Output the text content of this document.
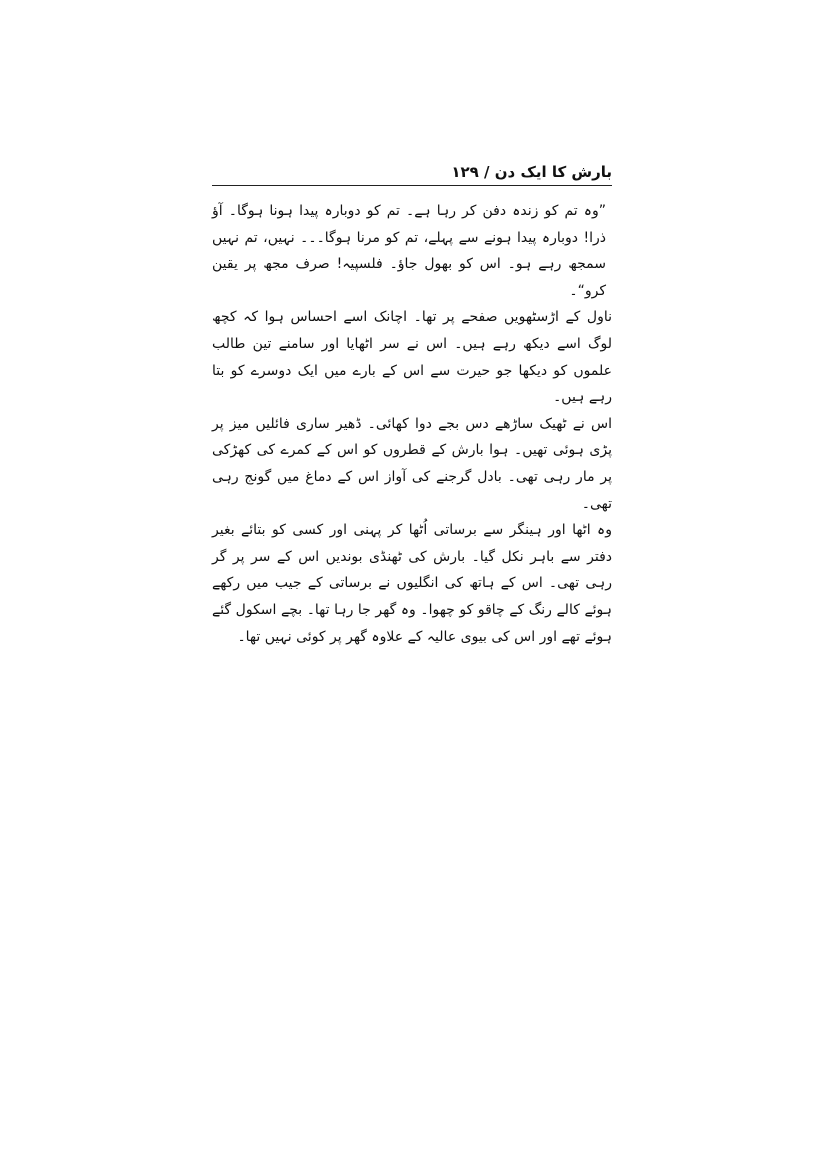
بارش کا ایک دن / ۱۲۹

”وہ تم کو زندہ دفن کر رہا ہے۔ تم کو دوبارہ پیدا ہونا ہوگا۔ آؤ ذرا! دوبارہ پیدا ہونے سے پہلے، تم کو مرنا ہوگا۔۔۔ نہیں، تم نہیں سمجھ رہے ہو۔ اس کو بھول جاؤ۔ فلسپیہ! صرف مجھ پر یقین کرو“۔

ناول کے اڑسٹھویں صفحے پر تھا۔ اچانک اسے احساس ہوا کہ کچھ لوگ اسے دیکھ رہے ہیں۔ اس نے سر اٹھایا اور سامنے تین طالب علموں کو دیکھا جو حیرت سے اس کے بارے میں ایک دوسرے کو بتا رہے ہیں۔

اس نے ٹھیک ساڑھے دس بجے دوا کھائی۔ ڈھیر ساری فائلیں میز پر پڑی ہوئی تھیں۔ ہوا بارش کے قطروں کو اس کے کمرے کی کھڑکی پر مار رہی تھی۔ بادل گرجنے کی آواز اس کے دماغ میں گونج رہی تھی۔

وہ اٹھا اور ہینگر سے برساتی اُٹھا کر پہنی اور کسی کو بتائے بغیر دفتر سے باہر نکل گیا۔ بارش کی ٹھنڈی بوندیں اس کے سر پر گر رہی تھی۔ اس کے ہاتھ کی انگلیوں نے برساتی کے جیب میں رکھے ہوئے کالے رنگ کے چاقو کو چھوا۔ وہ گھر جا رہا تھا۔ بچے اسکول گئے ہوئے تھے اور اس کی بیوی عالیہ کے علاوہ گھر پر کوئی نہیں تھا۔
